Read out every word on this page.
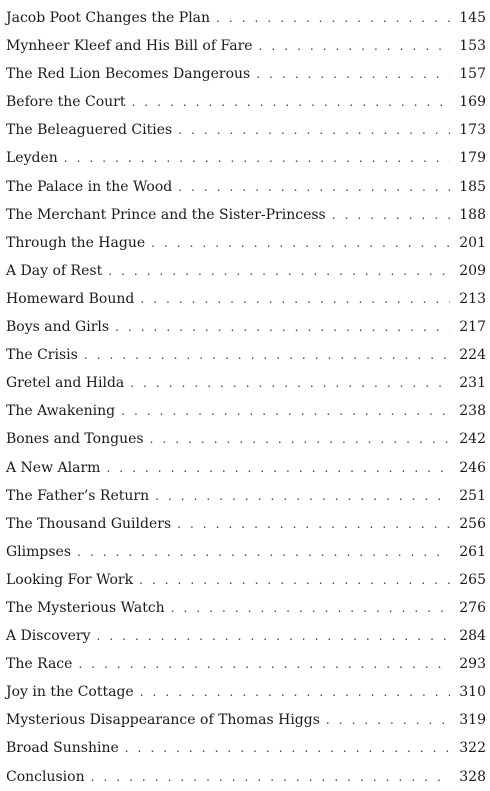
Jacob Poot Changes the Plan . . .	145
Mynheer Kleef and His Bill of Fare . . .	153
The Red Lion Becomes Dangerous . . .	157
Before the Court . . .	169
The Beleaguered Cities . . .	173
Leyden . . .	179
The Palace in the Wood . . .	185
The Merchant Prince and the Sister-Princess . . .	188
Through the Hague . . .	201
A Day of Rest . . .	209
Homeward Bound . . .	213
Boys and Girls . . .	217
The Crisis . . .	224
Gretel and Hilda . . .	231
The Awakening . . .	238
Bones and Tongues . . .	242
A New Alarm . . .	246
The Father’s Return . . .	251
The Thousand Guilders . . .	256
Glimpses . . .	261
Looking For Work . . .	265
The Mysterious Watch . . .	276
A Discovery . . .	284
The Race . . .	293
Joy in the Cottage . . .	310
Mysterious Disappearance of Thomas Higgs . . .	319
Broad Sunshine . . .	322
Conclusion . . .	328
